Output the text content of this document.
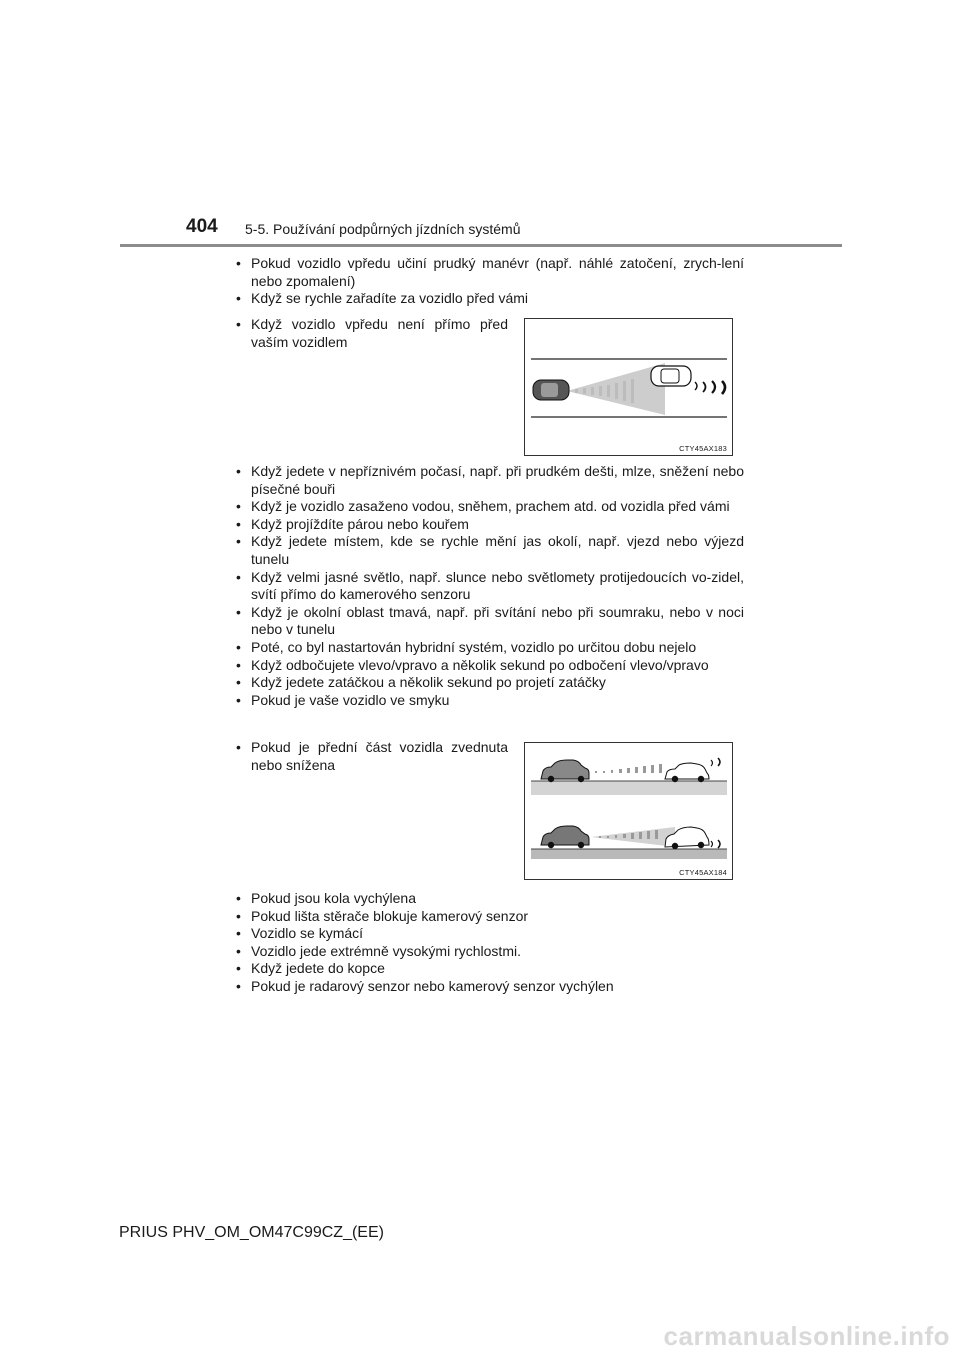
404 5-5. Používání podpůrných jízdních systémů
• Pokud vozidlo vpředu učiní prudký manévr (např. náhlé zatočení, zrych-lení nebo zpomalení)
• Když se rychle zařadíte za vozidlo před vámi
• Když vozidlo vpředu není přímo před vaším vozidlem
CTY45AX183
• Když jedete v nepříznivém počasí, např. při prudkém dešti, mlze, sněžení nebo písečné bouři
• Když je vozidlo zasaženo vodou, sněhem, prachem atd. od vozidla před vámi
• Když projíždíte párou nebo kouřem
• Když jedete místem, kde se rychle mění jas okolí, např. vjezd nebo výjezd tunelu
• Když velmi jasné světlo, např. slunce nebo světlomety protijedoucích vo-zidel, svítí přímo do kamerového senzoru
• Když je okolní oblast tmavá, např. při svítání nebo při soumraku, nebo v noci nebo v tunelu
• Poté, co byl nastartován hybridní systém, vozidlo po určitou dobu nejelo
• Když odbočujete vlevo/vpravo a několik sekund po odbočení vlevo/vpravo
• Když jedete zatáčkou a několik sekund po projetí zatáčky
• Pokud je vaše vozidlo ve smyku
• Pokud je přední část vozidla zvednuta nebo snížena
CTY45AX184
• Pokud jsou kola vychýlena
• Pokud lišta stěrače blokuje kamerový senzor
• Vozidlo se kymácí
• Vozidlo jede extrémně vysokými rychlostmi.
• Když jedete do kopce
• Pokud je radarový senzor nebo kamerový senzor vychýlen
PRIUS PHV_OM_OM47C99CZ_(EE)
carmanualsonline.info
